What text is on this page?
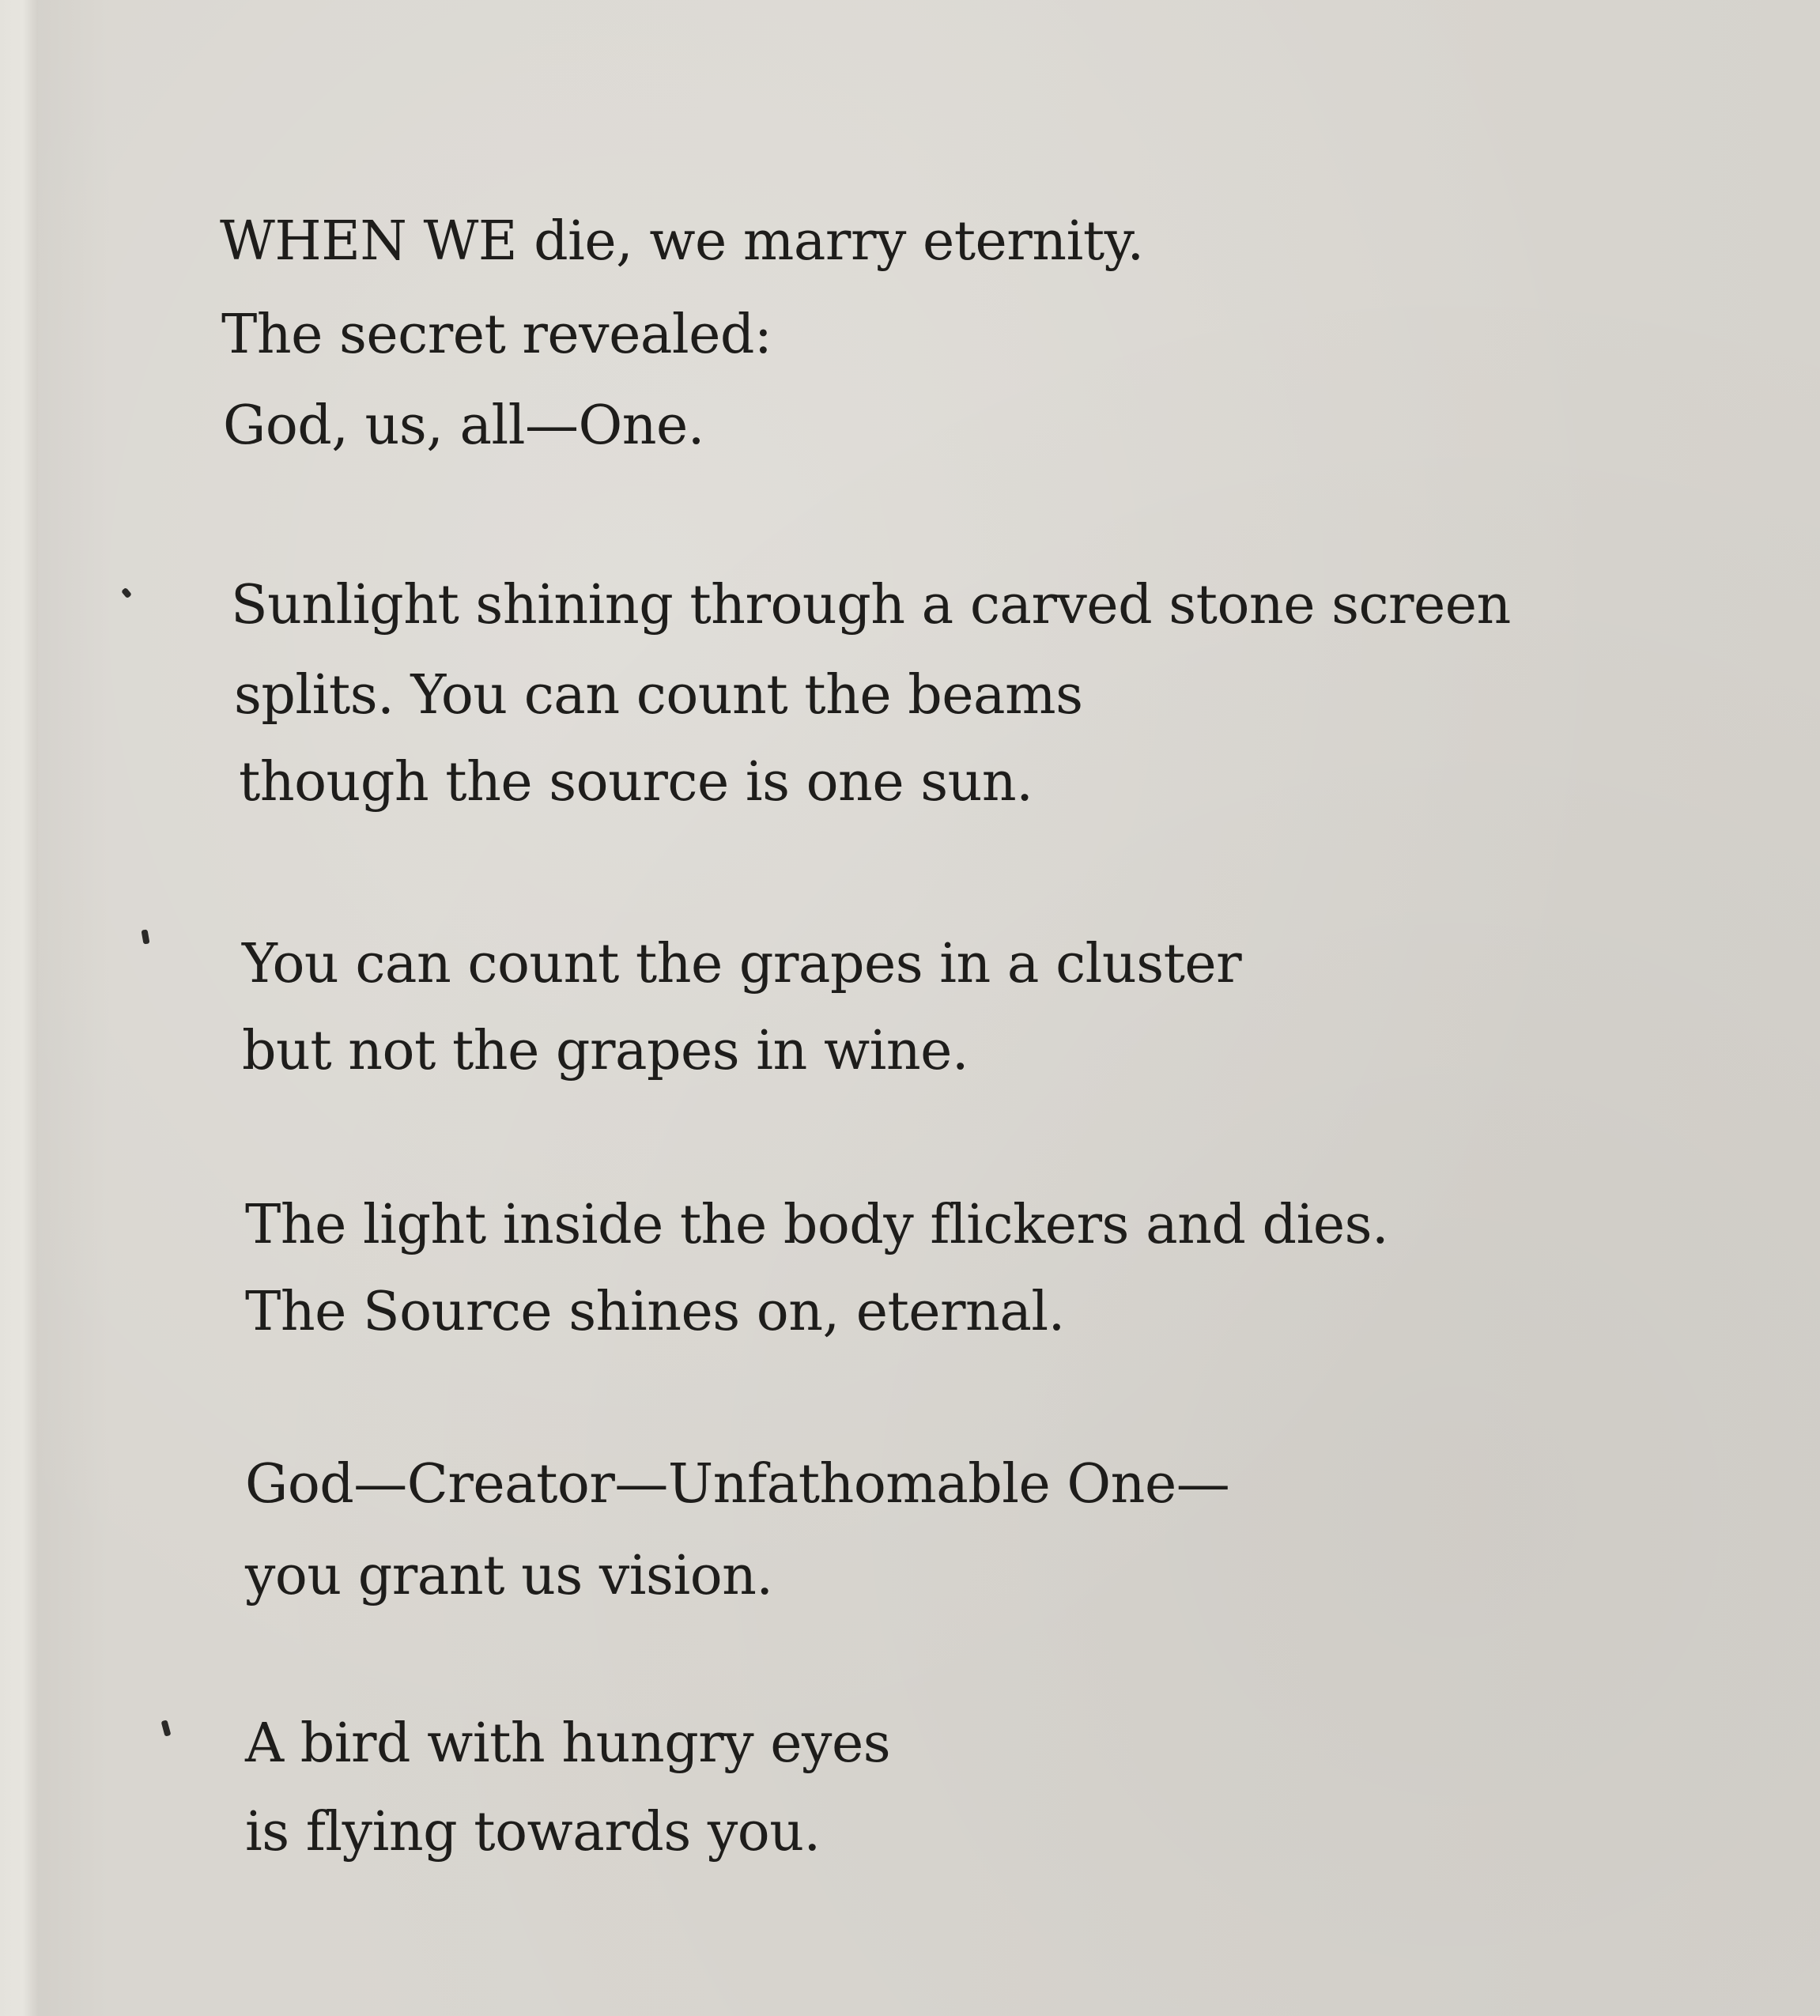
WHEN WE die, we marry eternity.
The secret revealed:
God, us, all—One.
Sunlight shining through a carved stone screen
splits. You can count the beams
though the source is one sun.
You can count the grapes in a cluster
but not the grapes in wine.
The light inside the body flickers and dies.
The Source shines on, eternal.
God—Creator—Unfathomable One—
you grant us vision.
A bird with hungry eyes
is flying towards you.
